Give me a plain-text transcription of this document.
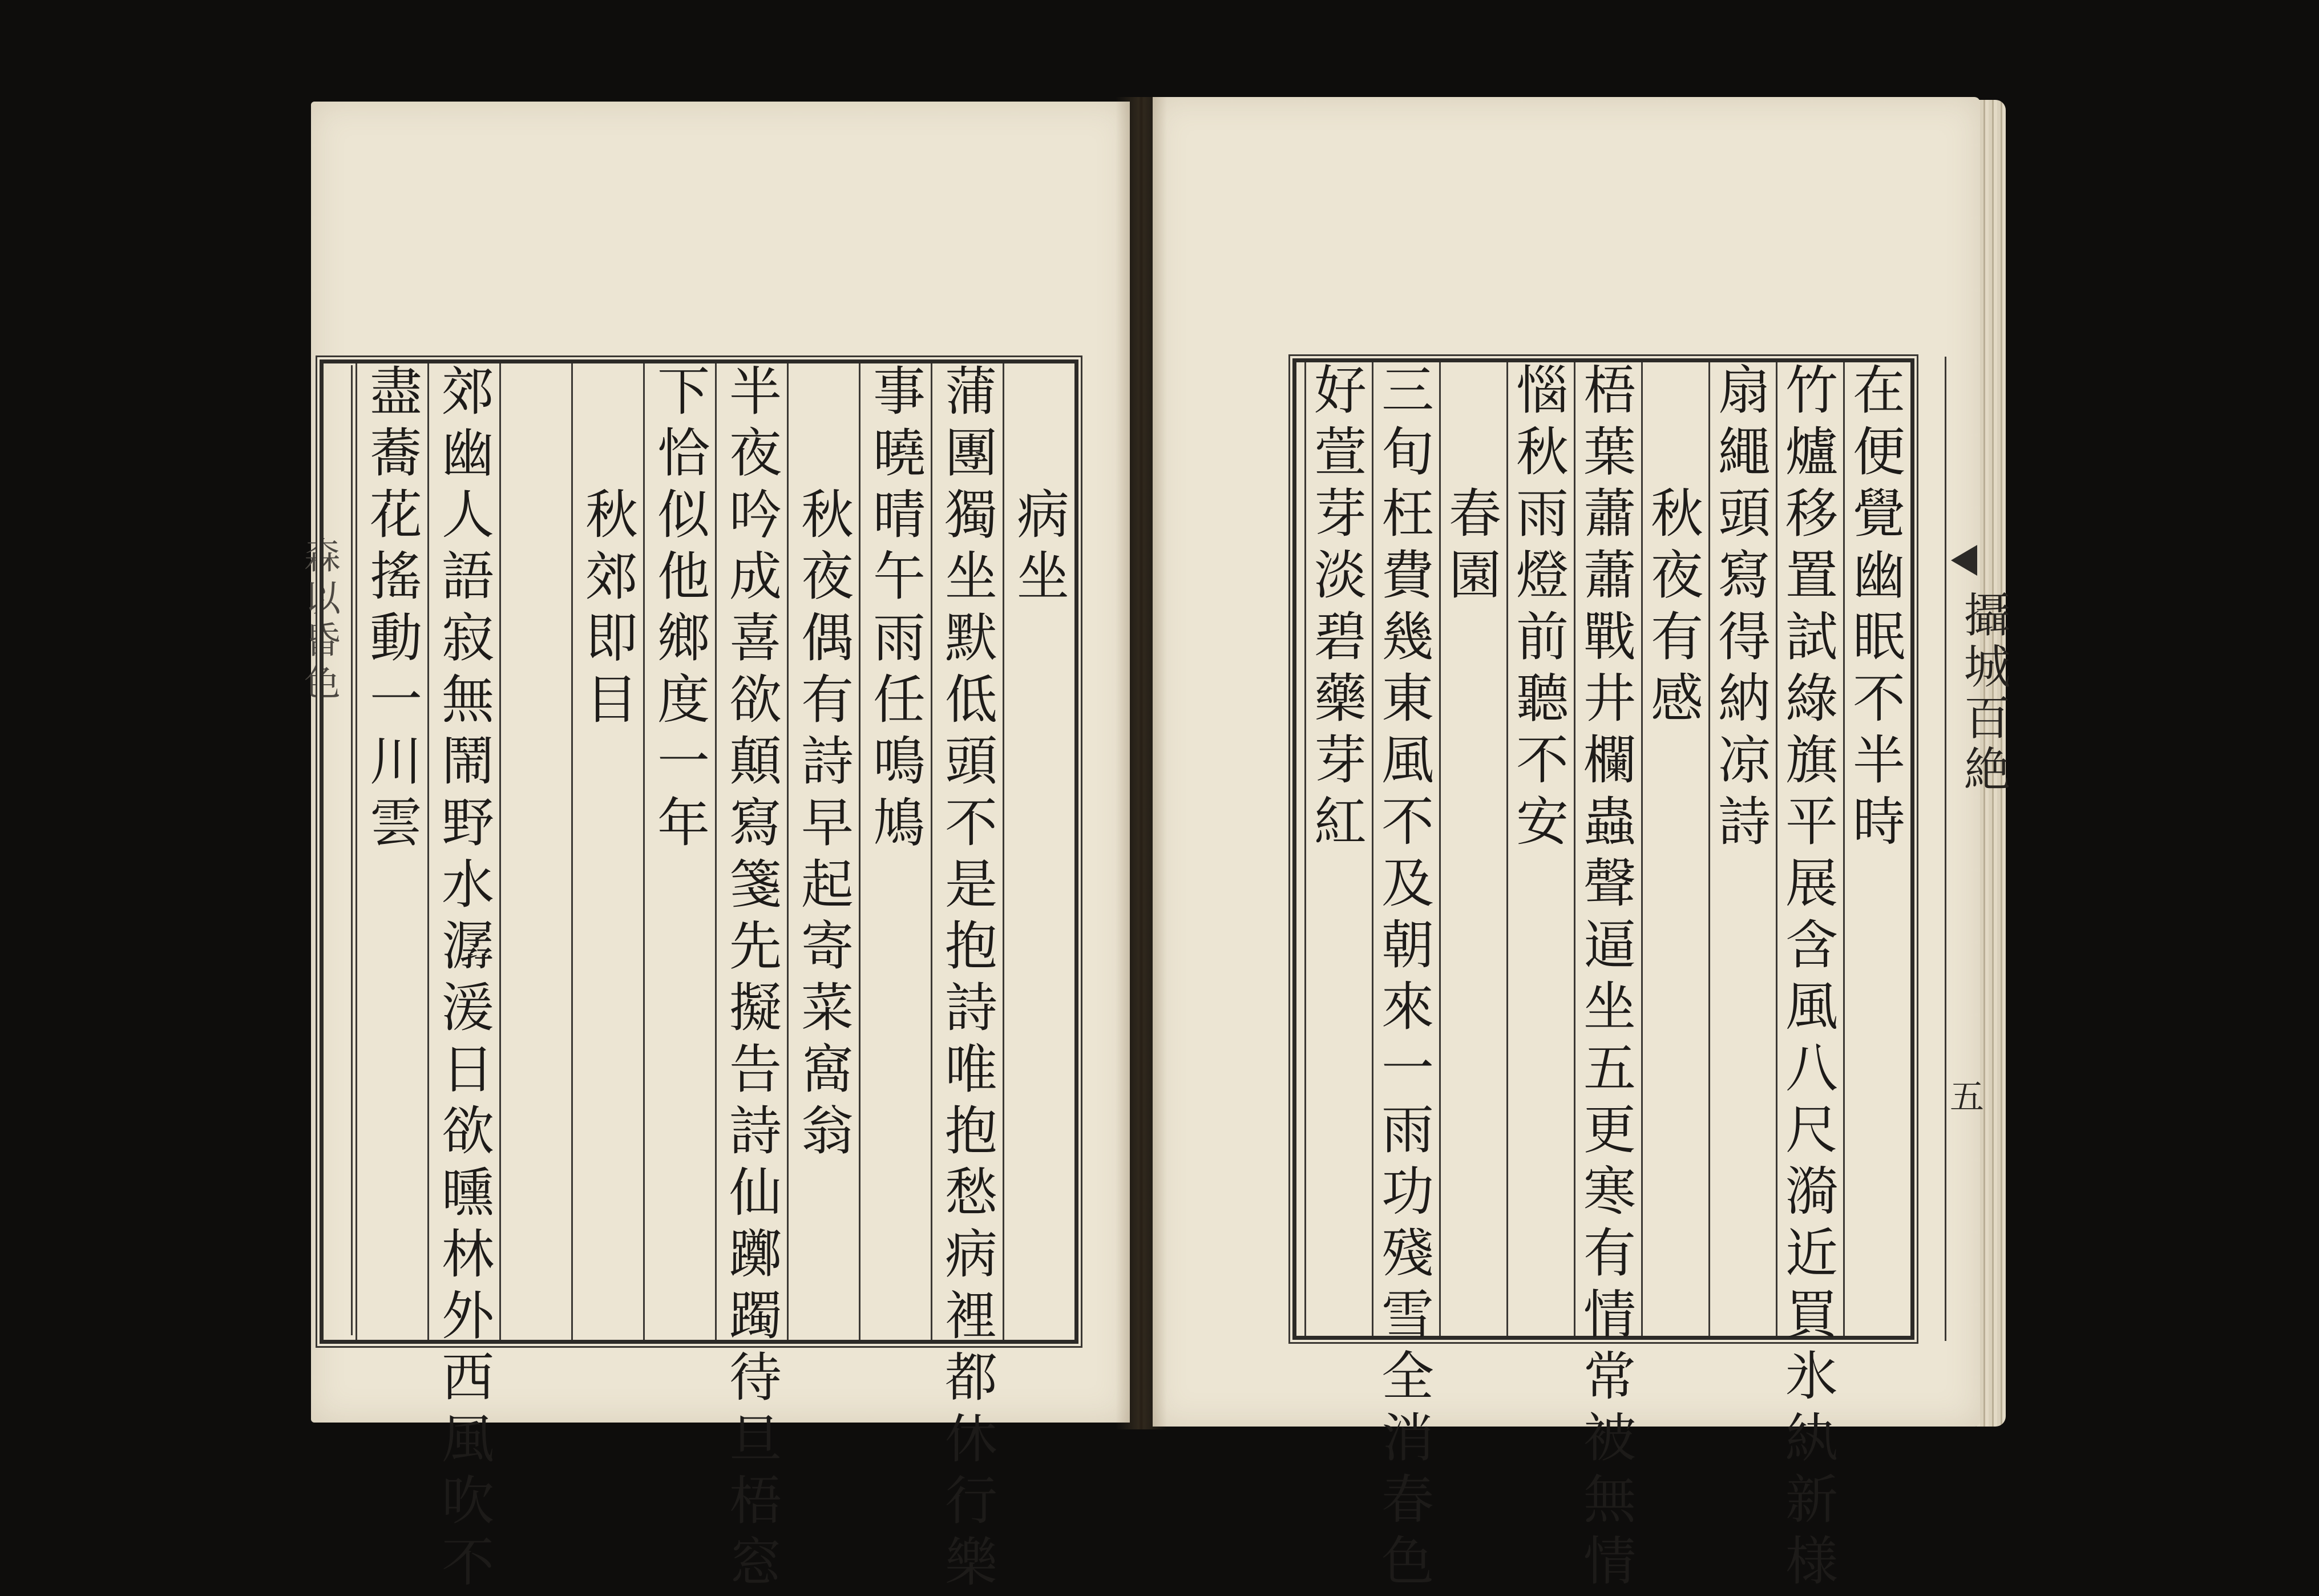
森以昏色
　　病坐
蒲團獨坐默低頭不是抱詩唯抱愁病裡都休行樂
事曉晴午雨任鳴鳩
　　秋夜偶有詩早起寄菜窩翁
半夜吟成喜欲顛寫箋先擬告詩仙躑躅待旦梧窓
下恰似他鄉度一年
　　秋郊即目
郊幽人語寂無鬧野水潺湲日欲曛林外西風吹不
盡蕎花搖動一川雲	在便覺幽眠不半時
竹爐移置試綠旗平展含風八尺漪近買氷紈新様
扇繩頭寫得納凉詩
　　秋夜有感
梧葉蕭蕭戰井欄蟲聲逼坐五更寒有情常被無情
惱秋雨燈前聽不安
　　春園
三旬枉費幾東風不及朝來一雨功殘雪全消春色
好萱芽淡碧藥芽紅	攝城百絶
五
